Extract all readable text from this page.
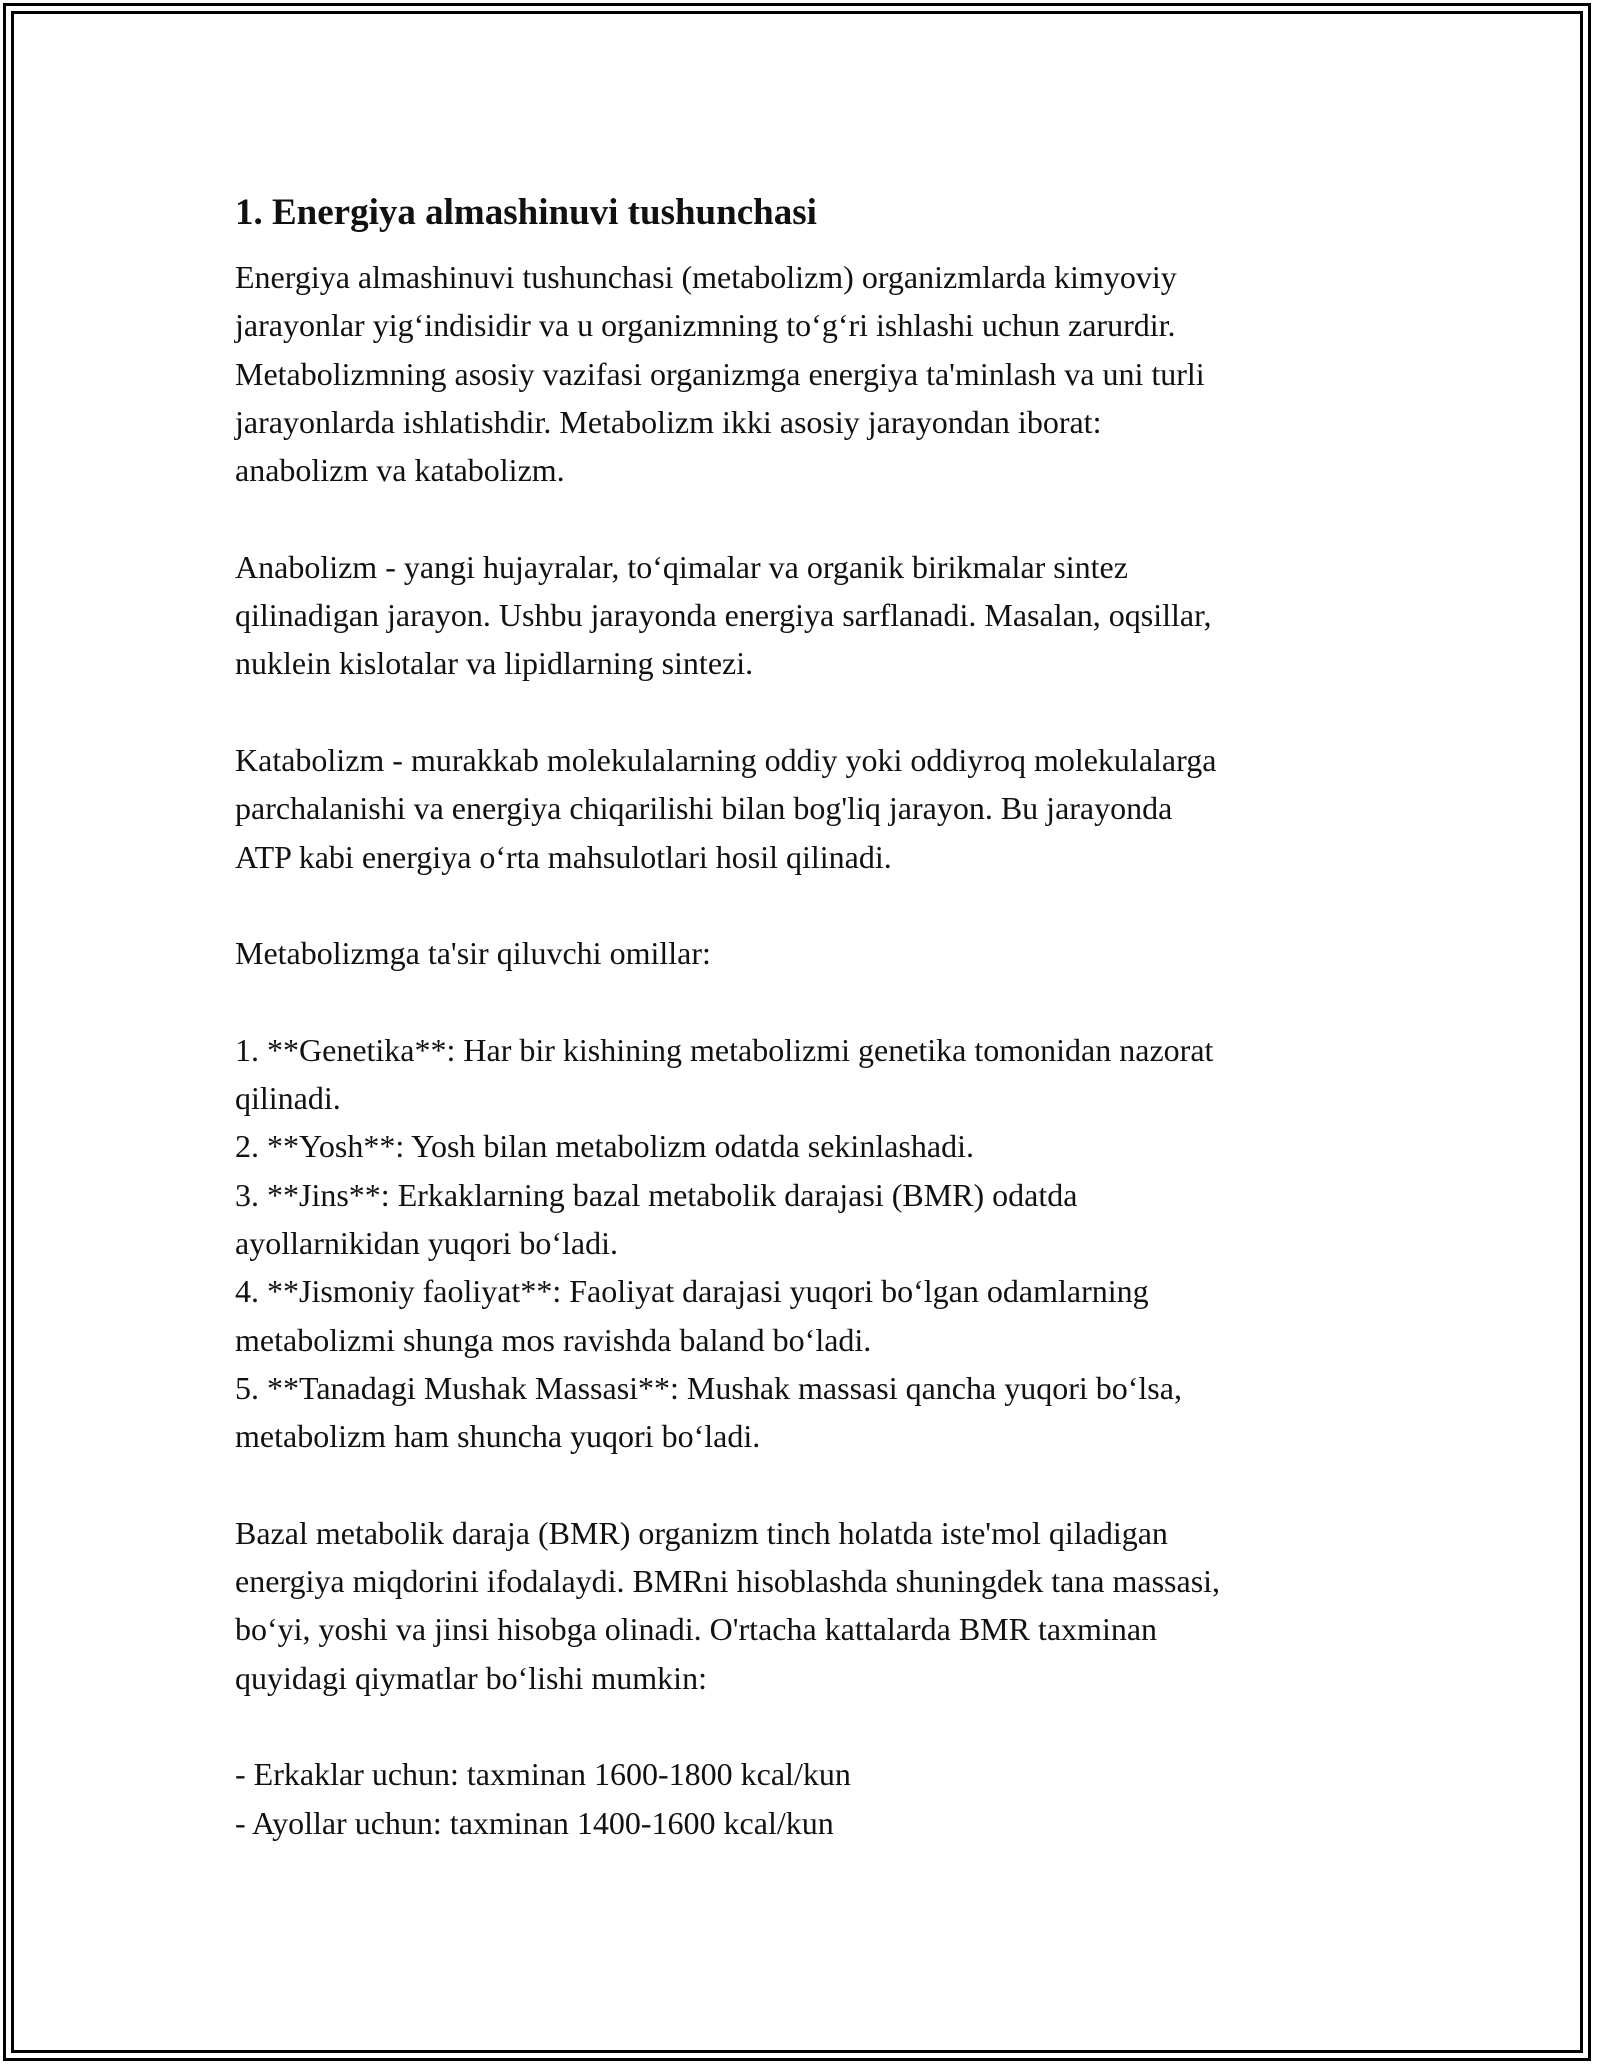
1. Energiya almashinuvi tushunchasi
Energiya almashinuvi tushunchasi (metabolizm) organizmlarda kimyoviy
jarayonlar yig‘indisidir va u organizmning to‘g‘ri ishlashi uchun zarurdir.
Metabolizmning asosiy vazifasi organizmga energiya ta'minlash va uni turli
jarayonlarda ishlatishdir. Metabolizm ikki asosiy jarayondan iborat:
anabolizm va katabolizm.
Anabolizm - yangi hujayralar, to‘qimalar va organik birikmalar sintez
qilinadigan jarayon. Ushbu jarayonda energiya sarflanadi. Masalan, oqsillar,
nuklein kislotalar va lipidlarning sintezi.
Katabolizm - murakkab molekulalarning oddiy yoki oddiyroq molekulalarga
parchalanishi va energiya chiqarilishi bilan bog'liq jarayon. Bu jarayonda
ATP kabi energiya o‘rta mahsulotlari hosil qilinadi.
Metabolizmga ta'sir qiluvchi omillar:
1. **Genetika**: Har bir kishining metabolizmi genetika tomonidan nazorat
qilinadi.
2. **Yosh**: Yosh bilan metabolizm odatda sekinlashadi.
3. **Jins**: Erkaklarning bazal metabolik darajasi (BMR) odatda
ayollarnikidan yuqori bo‘ladi.
4. **Jismoniy faoliyat**: Faoliyat darajasi yuqori bo‘lgan odamlarning
metabolizmi shunga mos ravishda baland bo‘ladi.
5. **Tanadagi Mushak Massasi**: Mushak massasi qancha yuqori bo‘lsa,
metabolizm ham shuncha yuqori bo‘ladi.
Bazal metabolik daraja (BMR) organizm tinch holatda iste'mol qiladigan
energiya miqdorini ifodalaydi. BMRni hisoblashda shuningdek tana massasi,
bo‘yi, yoshi va jinsi hisobga olinadi. O'rtacha kattalarda BMR taxminan
quyidagi qiymatlar bo‘lishi mumkin:
- Erkaklar uchun: taxminan 1600-1800 kcal/kun
- Ayollar uchun: taxminan 1400-1600 kcal/kun
